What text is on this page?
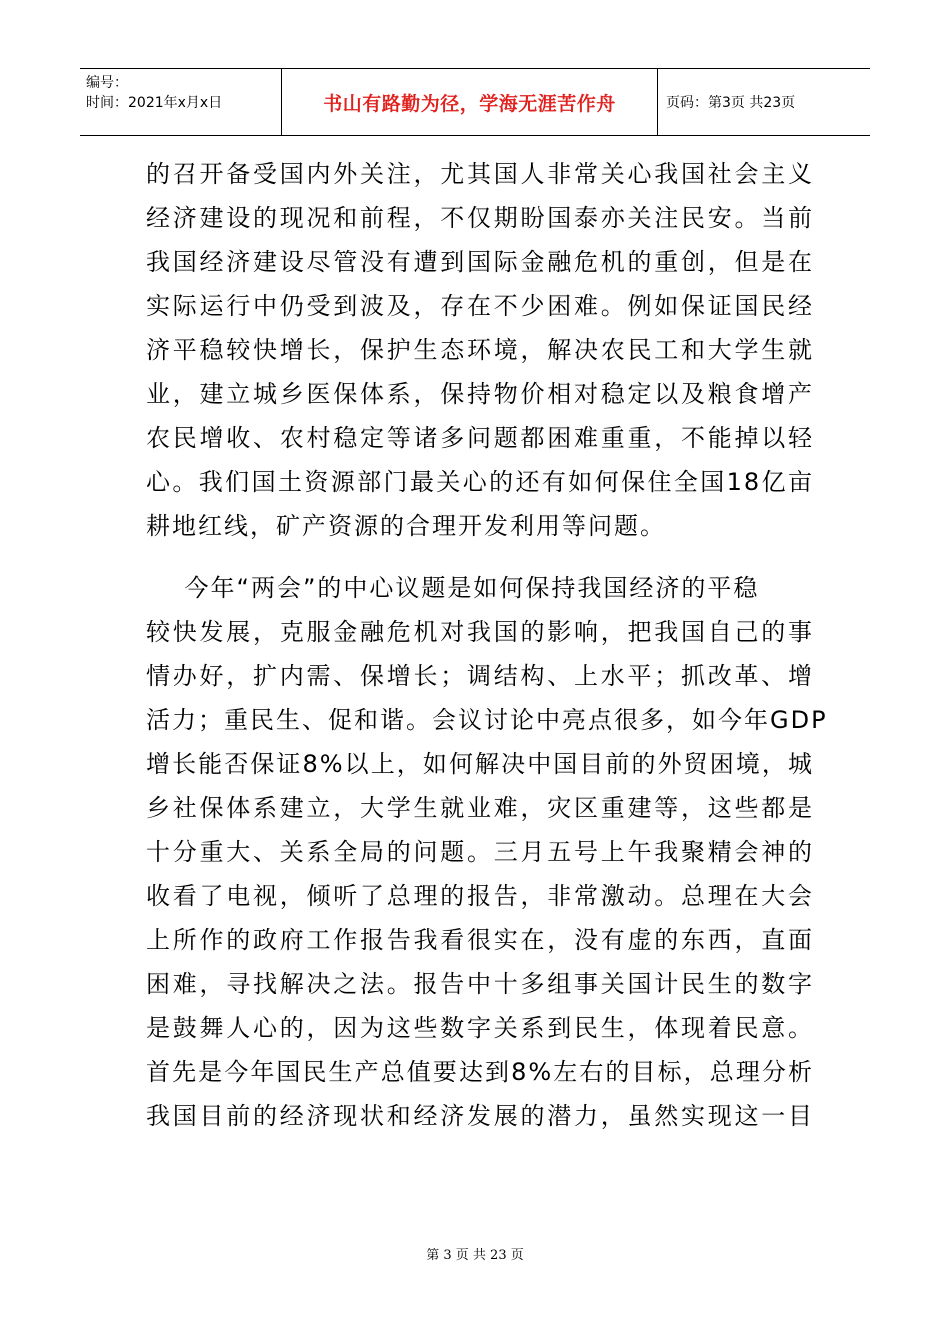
编号：
时间：2021年x月x日	书山有路勤为径，学海无涯苦作舟	页码：第3页 共23页
的召开备受国内外关注，尤其国人非常关心我国社会主义
经济建设的现况和前程，不仅期盼国泰亦关注民安。当前
我国经济建设尽管没有遭到国际金融危机的重创，但是在
实际运行中仍受到波及，存在不少困难。例如保证国民经
济平稳较快增长，保护生态环境，解决农民工和大学生就
业，建立城乡医保体系，保持物价相对稳定以及粮食增产
农民增收、农村稳定等诸多问题都困难重重，不能掉以轻
心。我们国土资源部门最关心的还有如何保住全国18亿亩
耕地红线，矿产资源的合理开发利用等问题。
今年“两会”的中心议题是如何保持我国经济的平稳
较快发展，克服金融危机对我国的影响，把我国自己的事
情办好，扩内需、保增长；调结构、上水平；抓改革、增
活力；重民生、促和谐。会议讨论中亮点很多，如今年GDP
增长能否保证8%以上，如何解决中国目前的外贸困境，城
乡社保体系建立，大学生就业难，灾区重建等，这些都是
十分重大、关系全局的问题。三月五号上午我聚精会神的
收看了电视，倾听了总理的报告，非常激动。总理在大会
上所作的政府工作报告我看很实在，没有虚的东西，直面
困难，寻找解决之法。报告中十多组事关国计民生的数字
是鼓舞人心的，因为这些数字关系到民生，体现着民意。
首先是今年国民生产总值要达到8%左右的目标，总理分析
我国目前的经济现状和经济发展的潜力，虽然实现这一目
第 3 页 共 23 页
